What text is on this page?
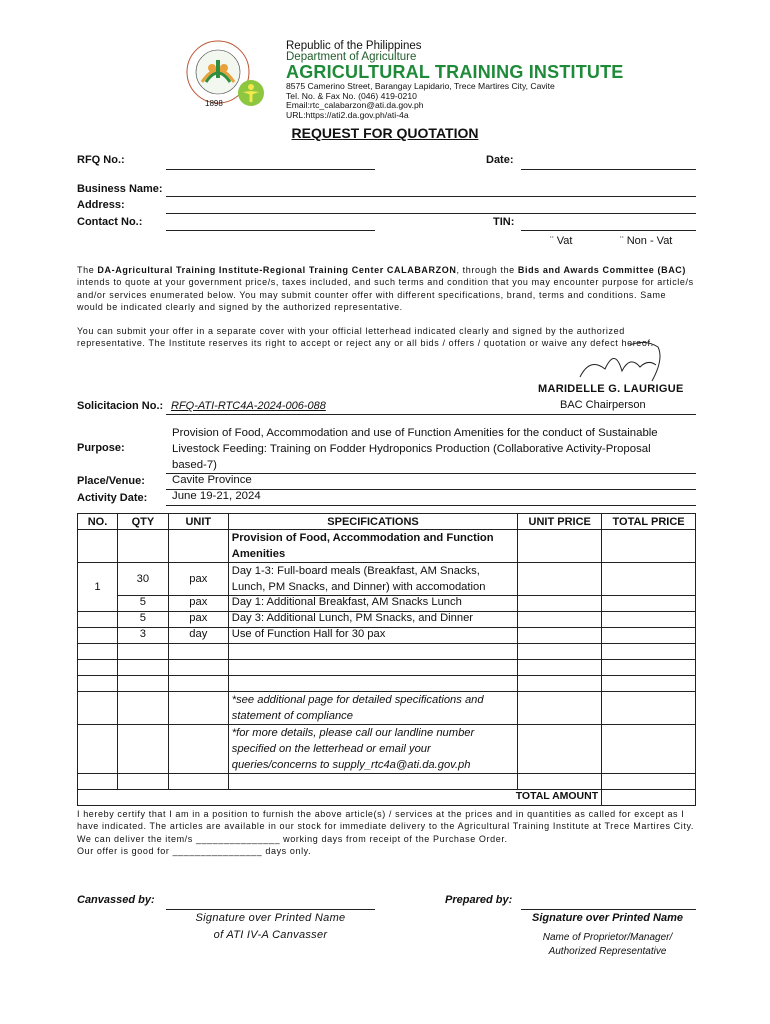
1898
Republic of the Philippines
Department of Agriculture
AGRICULTURAL TRAINING INSTITUTE
8575 Camerino Street, Barangay Lapidario, Trece Martires City, Cavite
Tel. No. & Fax No. (046) 419-0210
Email:rtc_calabarzon@ati.da.gov.ph
URL:https://ati2.da.gov.ph/ati-4a
REQUEST FOR QUOTATION
RFQ No.:	Date:
Business Name:
Address:
Contact No.:	TIN:
¨ Vat	¨ Non - Vat
The DA-Agricultural Training Institute-Regional Training Center CALABARZON, through the Bids and Awards Committee (BAC) intends to quote at your government price/s, taxes included, and such terms and condition that you may encounter purpose for article/s and/or services enumerated below. You may submit counter offer with different specifications, brand, terms and conditions. Same would be indicated clearly and signed by the authorized representative.
You can submit your offer in a separate cover with your official letterhead indicated clearly and signed by the authorized representative. The Institute reserves its right to accept or reject any or all bids / offers / quotation or waive any defect hereof.
MARIDELLE G. LAURIGUE
BAC Chairperson
Solicitacion No.: RFQ-ATI-RTC4A-2024-006-088
Purpose:
Provision of Food, Accommodation and use of Function Amenities for the conduct of Sustainable Livestock Feeding: Training on Fodder Hydroponics Production (Collaborative Activity-Proposal based-7)
Place/Venue: Cavite Province
Activity Date: June 19-21, 2024
NO.	QTY	UNIT	SPECIFICATIONS	UNIT PRICE	TOTAL PRICE
			Provision of Food, Accommodation and Function Amenities		
1	30	pax	Day 1-3: Full-board meals (Breakfast, AM Snacks, Lunch, PM Snacks, and Dinner) with accomodation		
	5	pax	Day 1: Additional Breakfast, AM Snacks Lunch		
	5	pax	Day 3: Additional Lunch, PM Snacks, and Dinner		
	3	day	Use of Function Hall for 30 pax		

			*see additional page for detailed specifications and statement of compliance		
			*for more details, please call our landline number specified on the letterhead or email your queries/concerns to supply_rtc4a@ati.da.gov.ph		

TOTAL AMOUNT					
I hereby certify that I am in a position to furnish the above article(s) / services at the prices and in quantities as called for except as I have indicated. The articles are available in our stock for immediate delivery to the Agricultural Training Institute at Trece Martires City.
We can deliver the item/s _______________ working days from receipt of the Purchase Order.
Our offer is good for ________________ days only.
Canvassed by:
Signature over Printed Name
of ATI IV-A Canvasser
Prepared by:
Signature over Printed Name
Name of Proprietor/Manager/
Authorized Representative
